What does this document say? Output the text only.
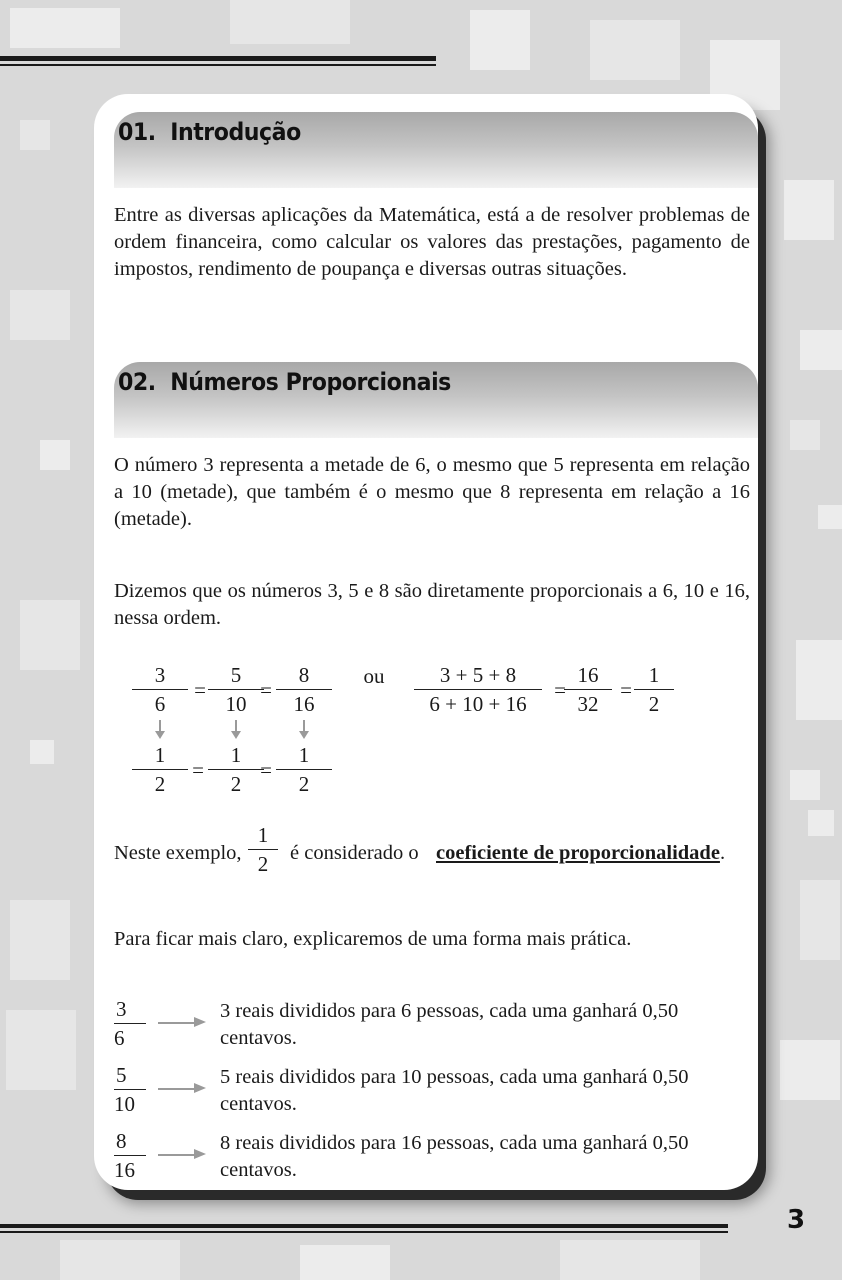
01. Introdução

Entre as diversas aplicações da Matemática, está a de resolver problemas de ordem financeira, como calcular os valores das prestações, pagamento de impostos, rendimento de poupança e diversas outras situações.

02. Números Proporcionais

O número 3 representa a metade de 6, o mesmo que 5 representa em relação a 10 (metade), que também é o mesmo que 8 representa em relação a 16 (metade).

Dizemos que os números 3, 5 e 8 são diretamente proporcionais a 6, 10 e 16, nessa ordem.

$\frac{3}{6} = \frac{5}{10}$
= $\frac{8}{16}$	ou	$\frac{3 + 5 + 8}{6 + 10 + 16}$ =
$\frac{16}{32} = \frac{1}{2}$
$\frac{1}{2} = \frac{1}{2}$
= $\frac{1}{2}$
Neste exemplo, $\frac{1}{2}$ é considerado o coeficiente de proporcionalidade.

Para ficar mais claro, explicaremos de uma forma mais prática.

$\frac{3}{6}$	3 reais divididos para 6 pessoas, cada uma ganhará 0,50 centavos.
$\frac{5}{10}$	5 reais divididos para 10 pessoas, cada uma ganhará 0,50 centavos.
$\frac{8}{16}$	8 reais divididos para 16 pessoas, cada uma ganhará 0,50 centavos.
3
